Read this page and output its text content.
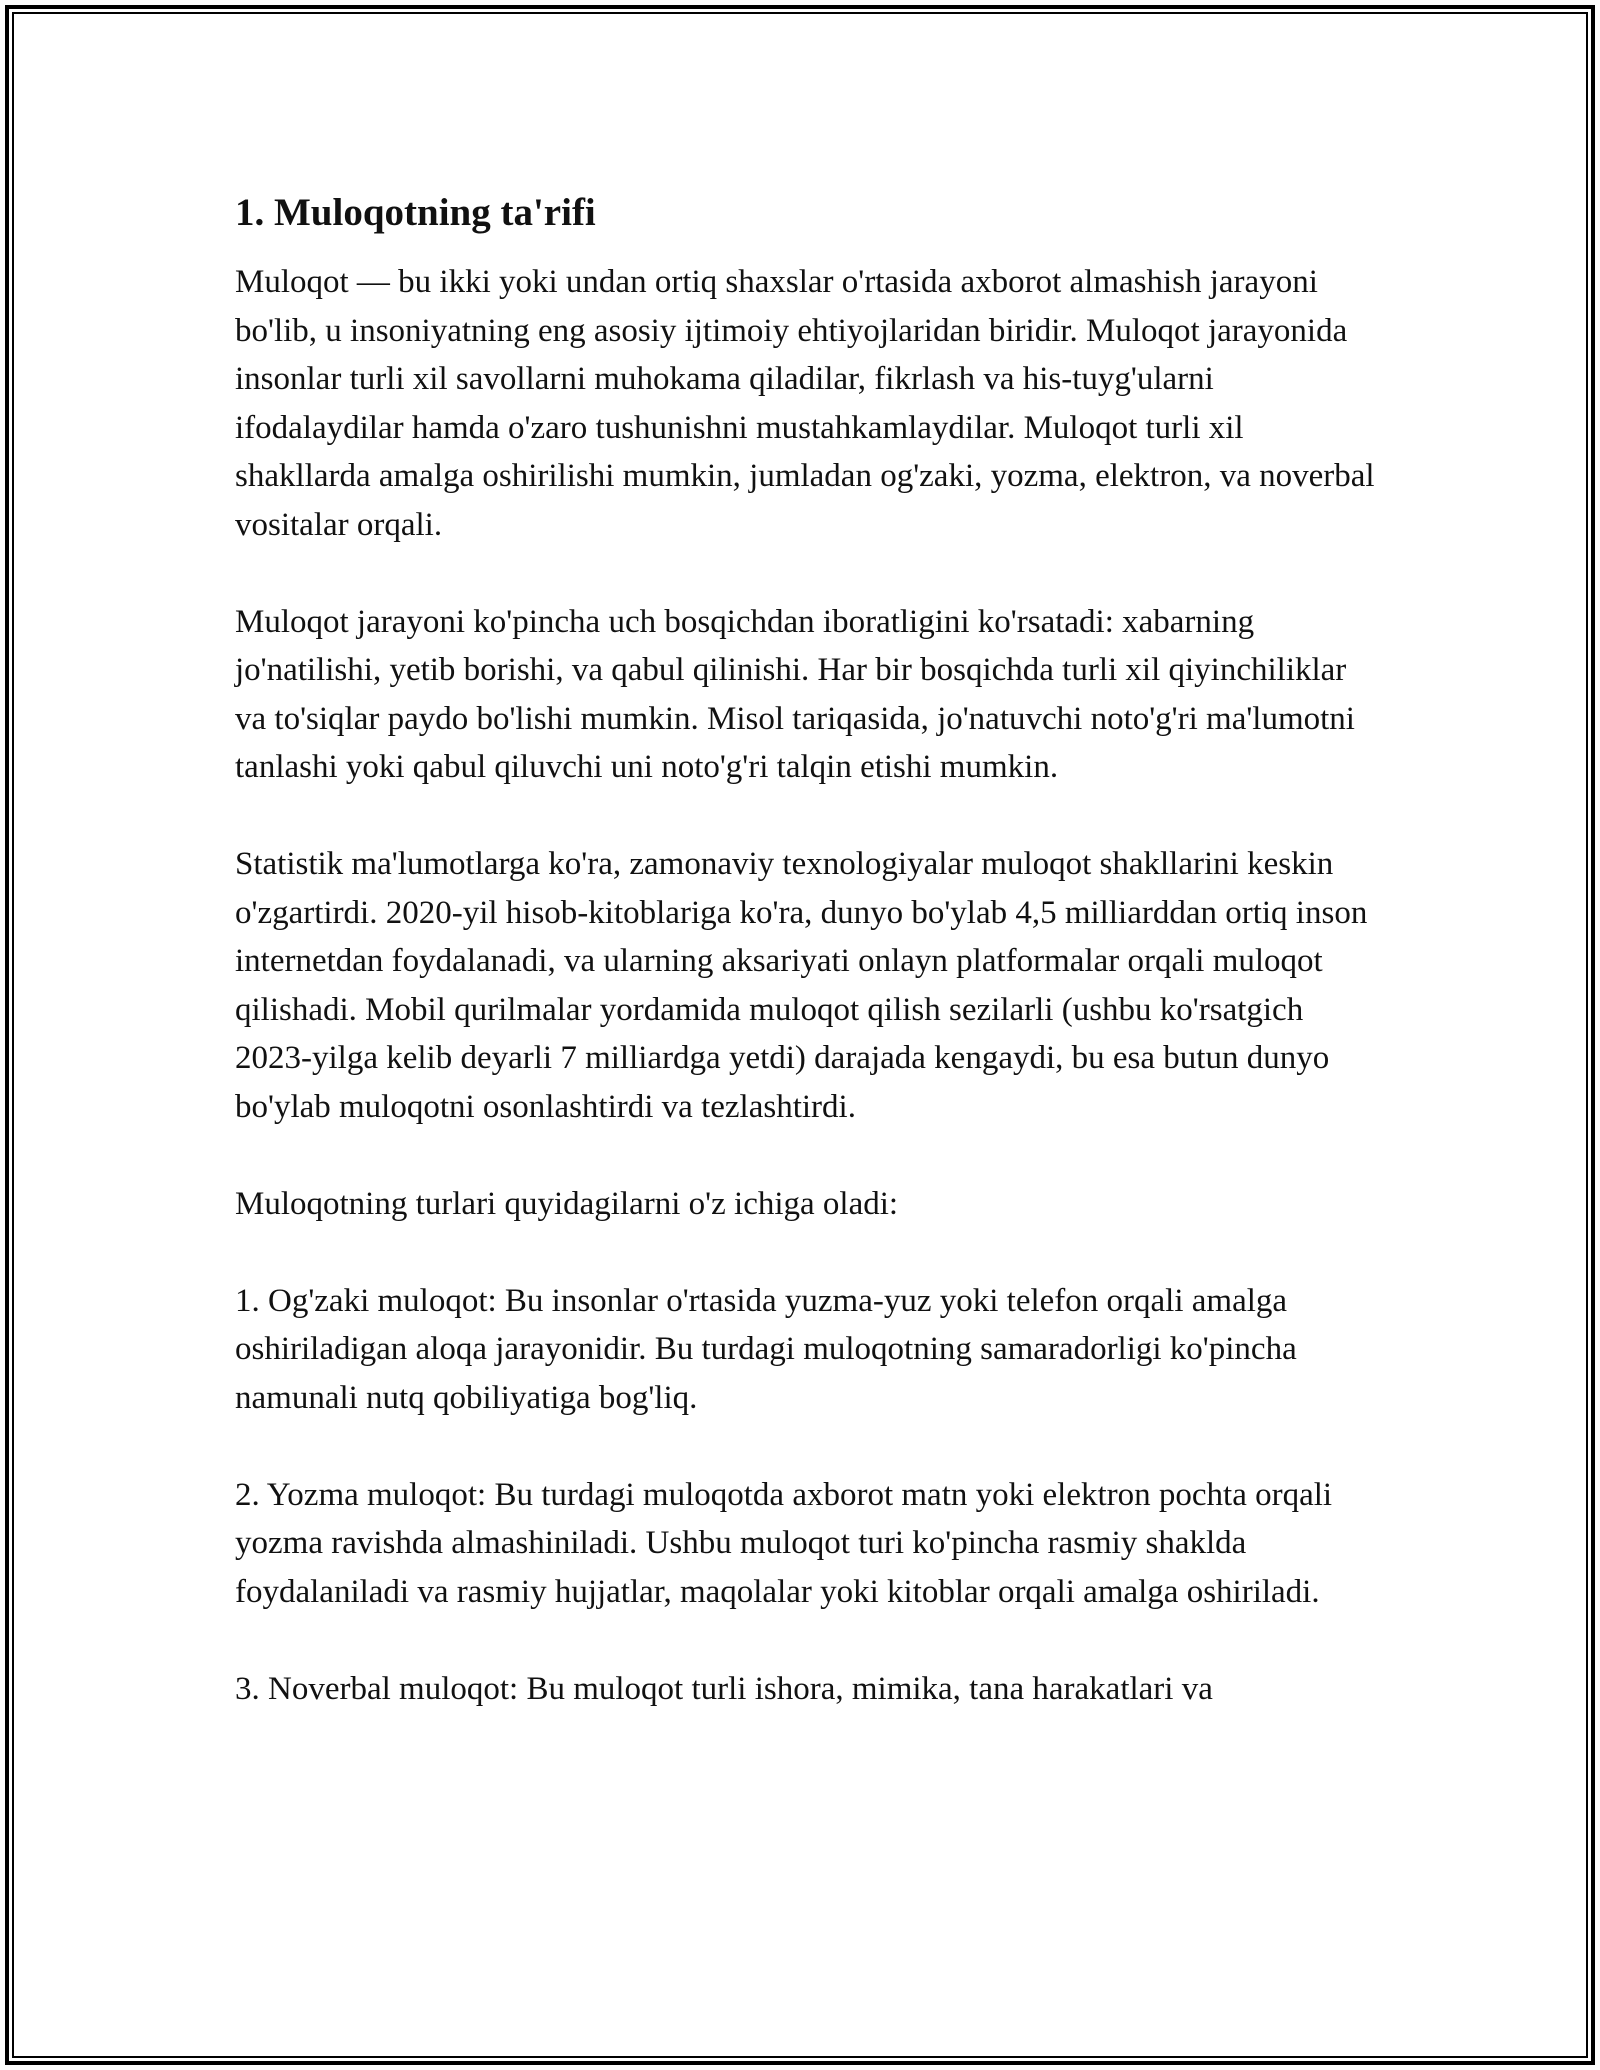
1. Muloqotning ta'rifi

Muloqot — bu ikki yoki undan ortiq shaxslar o'rtasida axborot almashish jarayoni bo'lib, u insoniyatning eng asosiy ijtimoiy ehtiyojlaridan biridir. Muloqot jarayonida insonlar turli xil savollarni muhokama qiladilar, fikrlash va his-tuyg'ularni ifodalaydilar hamda o'zaro tushunishni mustahkamlaydilar. Muloqot turli xil shakllarda amalga oshirilishi mumkin, jumladan og'zaki, yozma, elektron, va noverbal vositalar orqali.

Muloqot jarayoni ko'pincha uch bosqichdan iboratligini ko'rsatadi: xabarning jo'natilishi, yetib borishi, va qabul qilinishi. Har bir bosqichda turli xil qiyinchiliklar va to'siqlar paydo bo'lishi mumkin. Misol tariqasida, jo'natuvchi noto'g'ri ma'lumotni tanlashi yoki qabul qiluvchi uni noto'g'ri talqin etishi mumkin.

Statistik ma'lumotlarga ko'ra, zamonaviy texnologiyalar muloqot shakllarini keskin o'zgartirdi. 2020-yil hisob-kitoblariga ko'ra, dunyo bo'ylab 4,5 milliarddan ortiq inson internetdan foydalanadi, va ularning aksariyati onlayn platformalar orqali muloqot qilishadi. Mobil qurilmalar yordamida muloqot qilish sezilarli (ushbu ko'rsatgich 2023-yilga kelib deyarli 7 milliardga yetdi) darajada kengaydi, bu esa butun dunyo bo'ylab muloqotni osonlashtirdi va tezlashtirdi.

Muloqotning turlari quyidagilarni o'z ichiga oladi:

1. Og'zaki muloqot: Bu insonlar o'rtasida yuzma-yuz yoki telefon orqali amalga oshiriladigan aloqa jarayonidir. Bu turdagi muloqotning samaradorligi ko'pincha namunali nutq qobiliyatiga bog'liq.

2. Yozma muloqot: Bu turdagi muloqotda axborot matn yoki elektron pochta orqali yozma ravishda almashiniladi. Ushbu muloqot turi ko'pincha rasmiy shaklda foydalaniladi va rasmiy hujjatlar, maqolalar yoki kitoblar orqali amalga oshiriladi.

3. Noverbal muloqot: Bu muloqot turli ishora, mimika, tana harakatlari va
